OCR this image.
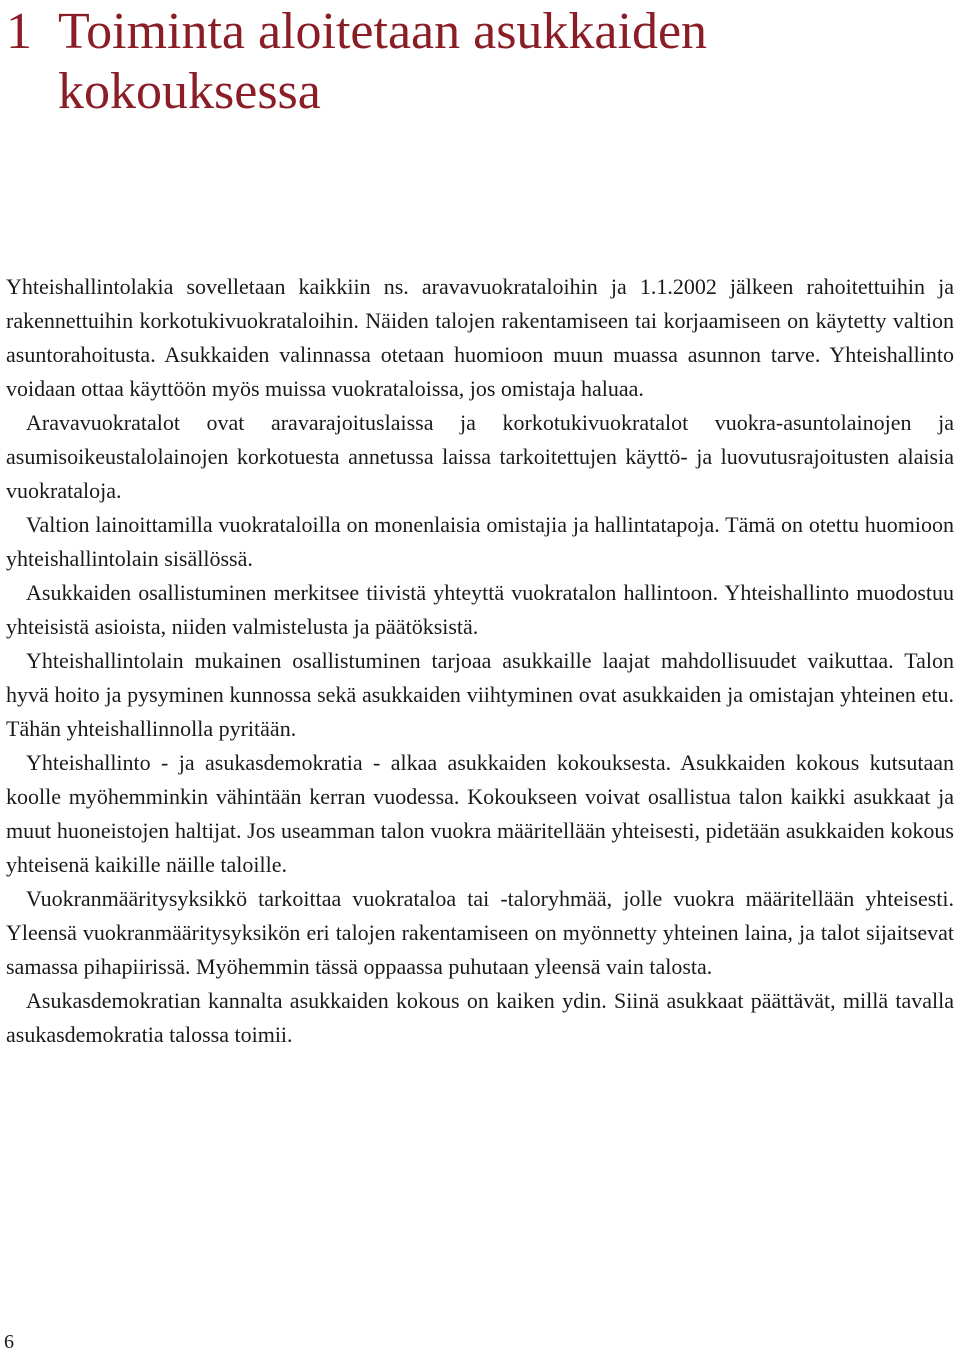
1 Toiminta aloitetaan asukkaiden kokouksessa

Yhteishallintolakia sovelletaan kaikkiin ns. aravavuokrataloihin ja 1.1.2002 jälkeen rahoitettuihin ja rakennettuihin korkotukivuokrataloihin. Näiden talojen rakentamiseen tai korjaamiseen on käytetty valtion asuntorahoitusta. Asukkaiden valinnassa otetaan huomioon muun muassa asunnon tarve. Yhteishallinto voidaan ottaa käyttöön myös muissa vuokrataloissa, jos omistaja haluaa.

Aravavuokratalot ovat aravarajoituslaissa ja korkotukivuokratalot vuokra-asuntolainojen ja asumisoikeustalolainojen korkotuesta annetussa laissa tarkoitettujen käyttö- ja luovutusrajoitusten alaisia vuokrataloja.

Valtion lainoittamilla vuokrataloilla on monenlaisia omistajia ja hallintatapoja. Tämä on otettu huomioon yhteishallintolain sisällössä.

Asukkaiden osallistuminen merkitsee tiivistä yhteyttä vuokratalon hallintoon. Yhteishallinto muodostuu yhteisistä asioista, niiden valmistelusta ja päätöksistä.

Yhteishallintolain mukainen osallistuminen tarjoaa asukkaille laajat mahdollisuudet vaikuttaa. Talon hyvä hoito ja pysyminen kunnossa sekä asukkaiden viihtyminen ovat asukkaiden ja omistajan yhteinen etu. Tähän yhteishallinnolla pyritään.

Yhteishallinto - ja asukasdemokratia - alkaa asukkaiden kokouksesta. Asukkaiden kokous kutsutaan koolle myöhemminkin vähintään kerran vuodessa. Kokoukseen voivat osallistua talon kaikki asukkaat ja muut huoneistojen haltijat. Jos useamman talon vuokra määritellään yhteisesti, pidetään asukkaiden kokous yhteisenä kaikille näille taloille.

Vuokranmääritysyksikkö tarkoittaa vuokrataloa tai -taloryhmää, jolle vuokra määritellään yhteisesti. Yleensä vuokranmääritysyksikön eri talojen rakentamiseen on myönnetty yhteinen laina, ja talot sijaitsevat samassa pihapiirissä. Myöhemmin tässä oppaassa puhutaan yleensä vain talosta.

Asukasdemokratian kannalta asukkaiden kokous on kaiken ydin. Siinä asukkaat päättävät, millä tavalla asukasdemokratia talossa toimii.

6
